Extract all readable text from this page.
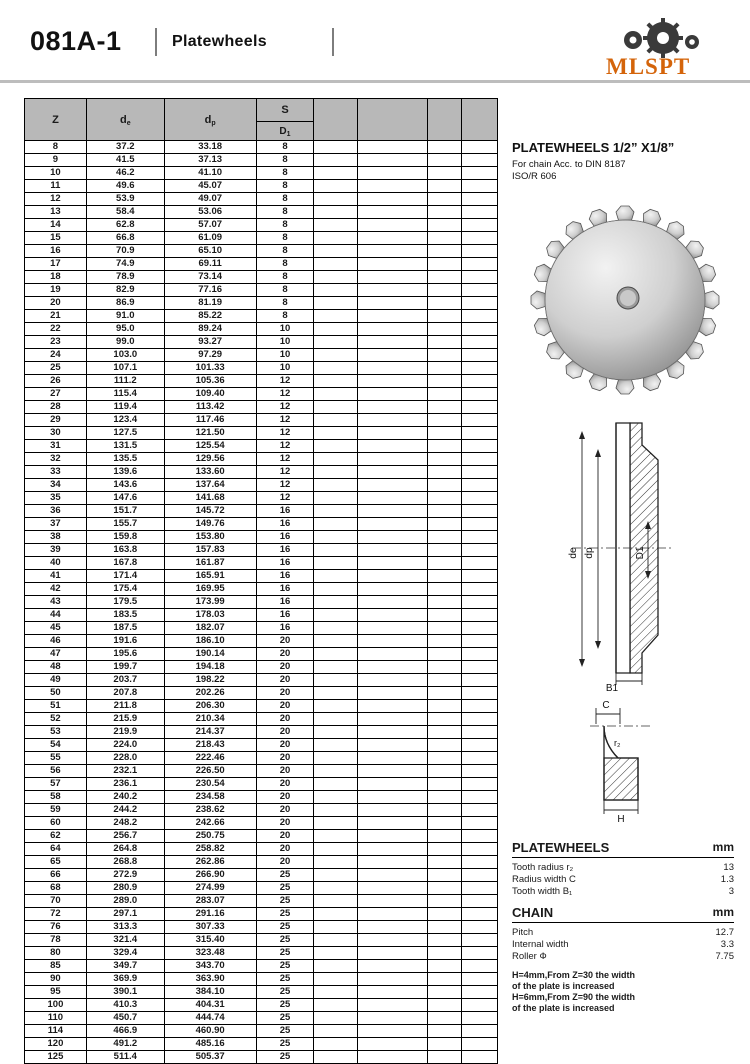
081A-1	Platewheels
MLSPT
Z	$d_e$	$d_p$	S				
			$D_1$
8	37.2	33.18	8				
9	41.5	37.13	8				
10	46.2	41.10	8				
11	49.6	45.07	8				
12	53.9	49.07	8				
13	58.4	53.06	8				
14	62.8	57.07	8				
15	66.8	61.09	8				
16	70.9	65.10	8				
17	74.9	69.11	8				
18	78.9	73.14	8				
19	82.9	77.16	8				
20	86.9	81.19	8				
21	91.0	85.22	8				
22	95.0	89.24	10				
23	99.0	93.27	10				
24	103.0	97.29	10				
25	107.1	101.33	10				
26	111.2	105.36	12				
27	115.4	109.40	12				
28	119.4	113.42	12				
29	123.4	117.46	12				
30	127.5	121.50	12				
31	131.5	125.54	12				
32	135.5	129.56	12				
33	139.6	133.60	12				
34	143.6	137.64	12				
35	147.6	141.68	12				
36	151.7	145.72	16				
37	155.7	149.76	16				
38	159.8	153.80	16				
39	163.8	157.83	16				
40	167.8	161.87	16				
41	171.4	165.91	16				
42	175.4	169.95	16				
43	179.5	173.99	16				
44	183.5	178.03	16				
45	187.5	182.07	16				
46	191.6	186.10	20				
47	195.6	190.14	20				
48	199.7	194.18	20				
49	203.7	198.22	20				
50	207.8	202.26	20				
51	211.8	206.30	20				
52	215.9	210.34	20				
53	219.9	214.37	20				
54	224.0	218.43	20				
55	228.0	222.46	20				
56	232.1	226.50	20				
57	236.1	230.54	20				
58	240.2	234.58	20				
59	244.2	238.62	20				
60	248.2	242.66	20				
62	256.7	250.75	20				
64	264.8	258.82	20				
65	268.8	262.86	20				
66	272.9	266.90	25				
68	280.9	274.99	25				
70	289.0	283.07	25				
72	297.1	291.16	25				
76	313.3	307.33	25				
78	321.4	315.40	25				
80	329.4	323.48	25				
85	349.7	343.70	25				
90	369.9	363.90	25				
95	390.1	384.10	25				
100	410.3	404.31	25				
110	450.7	444.74	25				
114	466.9	460.90	25				
120	491.2	485.16	25				
125	511.4	505.37	25				
PLATEWHEELS 1/2” X1/8”
For chain Acc. to DIN 8187
ISO/R 606
de dp	D1
B1
C
r₂
H
PLATEWHEELS	mm
Tooth radius r₂	13
Radius width C	1.3
Tooth width B₁	3
CHAIN	mm
Pitch	12.7
Internal width	3.3
Roller Ф	7.75
H=4mm,From Z=30 the width
of the plate is increased
H=6mm,From Z=90 the width
of the plate is increased
